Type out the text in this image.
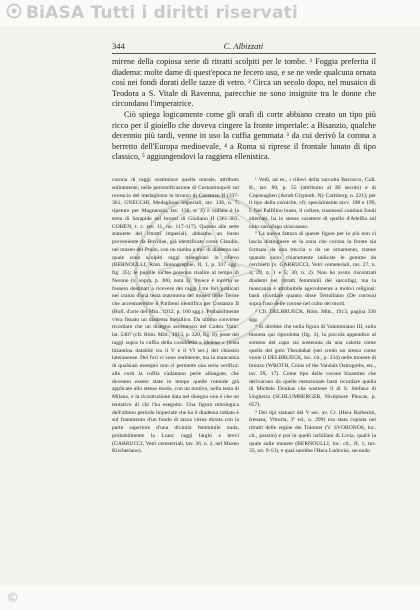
BiASA Tutti i diritti riservati
344	C. Albizzati

mirene della copiosa serie di ritratti scolpiti per le tombe. ¹ Foggia preferita il diadema: molte dame di quest'epoca ne fecero uso, e se ne vede qualcuna ornata così nei fondi dorati delle tazze di vetro. ² Circa un secolo dopo, nel musaico di Teodora a S. Vitale di Ravenna, parecchie ne sono insignite tra le donne che circondano l'imperatrice.

Ciò spiega logicamente come gli orafi di corte abbiano creato un tipo più ricco per il gioiello che doveva cingere la fronte imperiale: a Bisanzio, qualche decennio più tardi, venne in uso la cuffia gemmata ³ da cui derivò la corona a berretto dell'Europa medioevale, ⁴ a Roma si riprese il frontale lunato di tipo classico, ⁵ aggiungendovi la raggiera ellenistica.

corona di raggi sostituisce quella murale, attributo solitamente, nelle personificazione di Costantinopoli sul rovescio del medaglione in bronzo di Costanzo II (337-361, GNECCHI, Medaglioni imperiali, tav. 136, n. 7; ripetuto per Magnenzio, tav. 138, n. 4) e radiata è la testa di Serapide sui bronzi di Giuliano II (361-363, COHEN, t. c. tav. 11, nn. 117-117). Quanto alle sette statuette dei ritratti imperiali, abbiamo un busto proveniente da Bovillae, già identificato come Claudio, nel museo del Prado, con un nimbo a mo' di diadema sul quale sono scolpiti raggi triangolari in rilievo (BERNOULLI, Röm. Ikonographie, II, 1, p. 337 sgg., fig. 35); le pupille incise possono risalire al tempo di Nerone (v. sopra, p. 300, nota 3). Invece è incerto se fossero destinati a ricevere dei raggi i tre fori praticati nel cranio d'una testa marmorea del museo delle Terme che accentuerebbe il Paribeni identifica per Costanzo II (Boll. d'arte del Min., 1912, p. 166 sgg.). Probabilmente v'era fissato un diadema metallico. Da ultimo conviene ricordare che un disegno secentesco del Codex Vatic. lat. 5407 (cfr. Röm. Mitt., 1913, p. 320, fig. 6), pone dei raggi sopra la cuffia della cosiddetta « Helena » (testa bizantina databile tra il V e il VI sec.) del chiostro lateranense. Dei fori vi sono realmente, ma la mancanza di qualsiasi esempio non ci permette una seria verifica: alle corti la cuffia s'adattano perle allungate, che doveano essere state in tempo quelle rotonde già applicate allo stesso modo, con un motivo, nella testa di Milano, e la ricostruzione data nel disegno non è che un tentativo di chi l'ha eseguito. Una figura mitologica dell'ultimo periodo imperiale che ha il diadema radiato è sul frammento d'un fondo di tazza vitrea dorata con la parte superiore d'una divinità femminile nuda, probabilmente la Luna: raggi larghi e brevi (GARRUCCI, Vetri cemeteriali, tav. 36, n. 2, nel Museo Kircheriano).

¹ Vedi, ad es., i rilievi della raccolta Barracco, Coll. B., tav. 80, p. 55 (attribuito al III secolo) e di Copenaghen (Arndt Glyptotk. Ny Carlsberg, n. 221); per il tipo della corniche, cfr. specialmente tavv. 198 e 199, I. Nel Palfilino busto, il collare, trasmessi continui fondi alternati, ha lo stesso carattere di quello d'Adelfia sul noto sarcofago siracusano.

² La nuova fattura di queste figure per lo più non ci lascia distinguere se la zona che corona la fronte sia formata da una treccia o da un ornamento, tranne quando sono chiaramente indicate le gemme da cerchietti (v. GARRUCCI, Vetri cemeteriali, tav. 27, n. 3, 29, n. 1 e 5; 30, n. 2). Non ho avuto riscontrati diademi nei ritratti femminili dei sarcofagi, ma la mancanza è attribuibile agevolmente a motivi religiosi: basti ricordare quanto disse Tertulliano (De corona) sopra l'uso delle corone nel culto dei morti.

³ Cfr. DELBRUECK, Röm. Mitt., 1913, pagina 336 sgg.

⁴ Si direbbe che nella figura di Valentiniano III, sulla moneta qui riprodotta (fig. 3), la piccola appendice al sommo del capo sia sostenuta da una calotta come quella del goto Theodahat (nei credo un stesso come vuole il DELBRUECK, loc. cit., p. 334) nelle monete di bronzo (WROTH, Coins of the Vandals Ostrogoths, etc., tav. IX, 17). Come tipo delle corone bizantine che derivarono da quelle menzionate basti ricordare quella di Michele Doukas che sostiene il di S. Stefano di Ungheria (SCHLUMBERGER, Nicéphore Phocas, p. 657).

⁵ Dei tipi statuari del V sec. av. Cr. (Hera Barberini, Irenaea, Vittoria, 3ª ed., n. 299) era stata copiata nei ritratti delle regine dei Tolomei (V. SVORONOS, loc. cit., passim) e poi in quelli ischiliani di Livia, qual'è la quale sulle monete (BERNOULLI, loc. cit., II, 1, tav. 33, nn. 9-13), e qual sarebbe l'Hera Ludovisi, secondo

©
